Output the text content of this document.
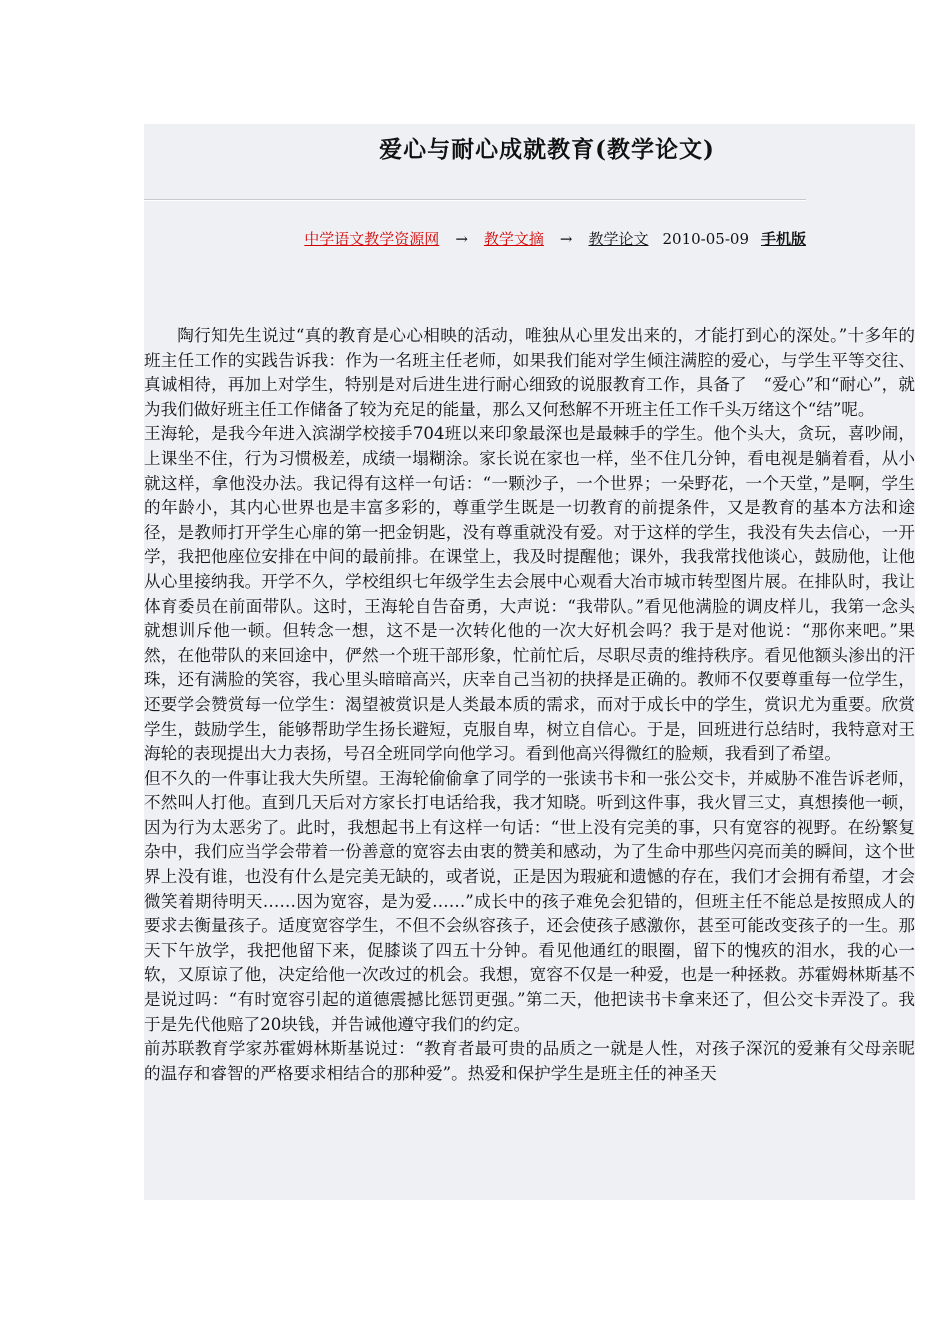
爱心与耐心成就教育(教学论文)
中学语文教学资源网 → 教学文摘 → 教学论文 2010-05-09 手机版

陶行知先生说过“真的教育是心心相映的活动，唯独从心里发出来的，才能打到心的深处。”十多年的班主任工作的实践告诉我：作为一名班主任老师，如果我们能对学生倾注满腔的爱心，与学生平等交往、真诚相待，再加上对学生，特别是对后进生进行耐心细致的说服教育工作，具备了　“爱心”和“耐心”，就为我们做好班主任工作储备了较为充足的能量，那么又何愁解不开班主任工作千头万绪这个“结”呢。

王海轮，是我今年进入滨湖学校接手704班以来印象最深也是最棘手的学生。他个头大，贪玩，喜吵闹，上课坐不住，行为习惯极差，成绩一塌糊涂。家长说在家也一样，坐不住几分钟，看电视是躺着看，从小就这样，拿他没办法。我记得有这样一句话：“一颗沙子，一个世界；一朵野花，一个天堂，”是啊，学生的年龄小，其内心世界也是丰富多彩的，尊重学生既是一切教育的前提条件，又是教育的基本方法和途径，是教师打开学生心扉的第一把金钥匙，没有尊重就没有爱。对于这样的学生，我没有失去信心，一开学，我把他座位安排在中间的最前排。在课堂上，我及时提醒他；课外，我我常找他谈心，鼓励他，让他从心里接纳我。开学不久，学校组织七年级学生去会展中心观看大冶市城市转型图片展。在排队时，我让体育委员在前面带队。这时，王海轮自告奋勇，大声说：“我带队。”看见他满脸的调皮样儿，我第一念头就想训斥他一顿。但转念一想，这不是一次转化他的一次大好机会吗？我于是对他说：“那你来吧。”果然，在他带队的来回途中，俨然一个班干部形象，忙前忙后，尽职尽责的维持秩序。看见他额头渗出的汗珠，还有满脸的笑容，我心里头暗暗高兴，庆幸自己当初的抉择是正确的。教师不仅要尊重每一位学生，还要学会赞赏每一位学生：渴望被赏识是人类最本质的需求，而对于成长中的学生，赏识尤为重要。欣赏学生，鼓励学生，能够帮助学生扬长避短，克服自卑，树立自信心。于是，回班进行总结时，我特意对王海轮的表现提出大力表扬，号召全班同学向他学习。看到他高兴得微红的脸颊，我看到了希望。

但不久的一件事让我大失所望。王海轮偷偷拿了同学的一张读书卡和一张公交卡，并威胁不准告诉老师，不然叫人打他。直到几天后对方家长打电话给我，我才知晓。听到这件事，我火冒三丈，真想揍他一顿，因为行为太恶劣了。此时，我想起书上有这样一句话：“世上没有完美的事，只有宽容的视野。在纷繁复杂中，我们应当学会带着一份善意的宽容去由衷的赞美和感动，为了生命中那些闪亮而美的瞬间，这个世界上没有谁，也没有什么是完美无缺的，或者说，正是因为瑕疵和遗憾的存在，我们才会拥有希望，才会微笑着期待明天……因为宽容，是为爱……”成长中的孩子难免会犯错的，但班主任不能总是按照成人的要求去衡量孩子。适度宽容学生，不但不会纵容孩子，还会使孩子感激你，甚至可能改变孩子的一生。那天下午放学，我把他留下来，促膝谈了四五十分钟。看见他通红的眼圈，留下的愧疚的泪水，我的心一软，又原谅了他，决定给他一次改过的机会。我想，宽容不仅是一种爱，也是一种拯救。苏霍姆林斯基不是说过吗：“有时宽容引起的道德震撼比惩罚更强。”第二天，他把读书卡拿来还了，但公交卡弄没了。我于是先代他赔了20块钱，并告诫他遵守我们的约定。

前苏联教育学家苏霍姆林斯基说过：“教育者最可贵的品质之一就是人性，对孩子深沉的爱兼有父母亲昵的温存和睿智的严格要求相结合的那种爱”。热爱和保护学生是班主任的神圣天
